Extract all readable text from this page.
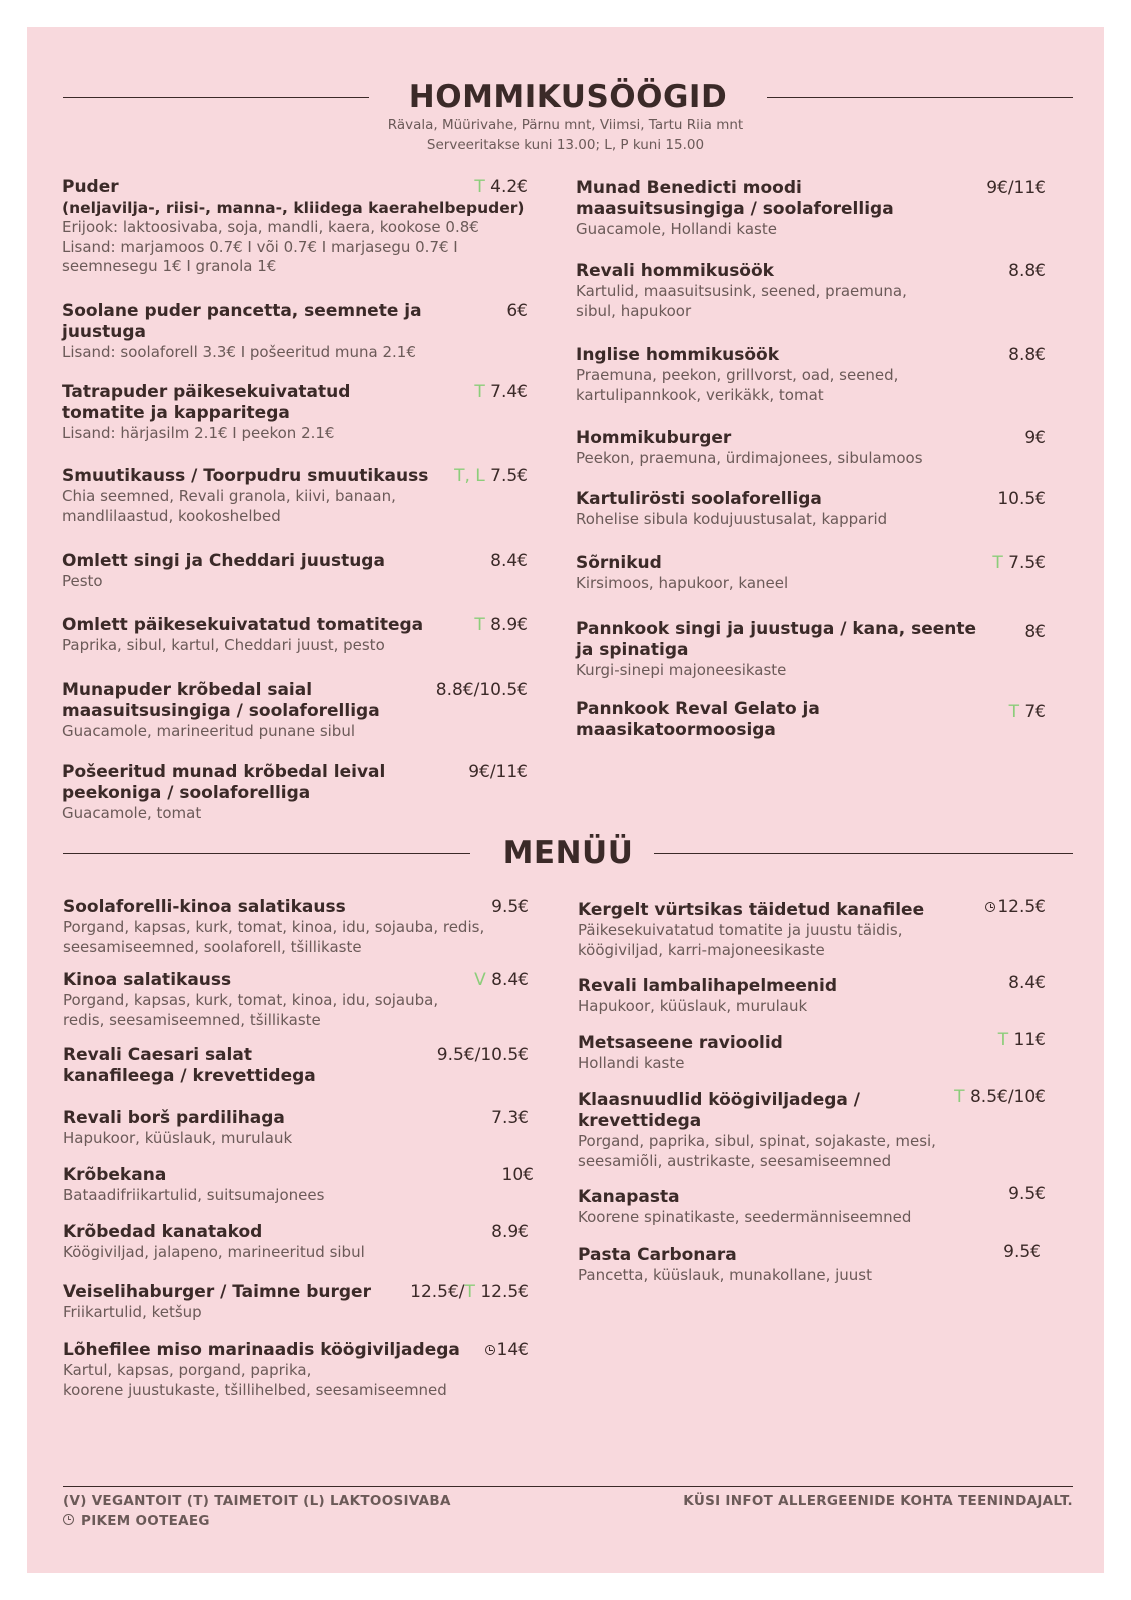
HOMMIKUSÖÖGID
Rävala, Müürivahe, Pärnu mnt, Viimsi, Tartu Riia mnt
Serveeritakse kuni 13.00; L, P kuni 15.00
T 4.2€
Puder
(neljavilja-, riisi-, manna-, kliidega kaerahelbepuder)
Erijook: laktoosivaba, soja, mandli, kaera, kookose 0.8€
Lisand: marjamoos 0.7€ I või 0.7€ I marjasegu 0.7€ I seemnesegu 1€ I granola 1€
6€
Soolane puder pancetta, seemnete ja juustuga
Lisand: soolaforell 3.3€ I pošeeritud muna 2.1€
T 7.4€
Tatrapuder päikesekuivatatud tomatite ja kapparitega
Lisand: härjasilm 2.1€ I peekon 2.1€
T, L 7.5€
Smuutikauss / Toorpudru smuutikauss
Chia seemned, Revali granola, kiivi, banaan, mandlilaastud, kookoshelbed
8.4€
Omlett singi ja Cheddari juustuga
Pesto
T 8.9€
Omlett päikesekuivatatud tomatitega
Paprika, sibul, kartul, Cheddari juust, pesto
8.8€/10.5€
Munapuder krõbedal saial maasuitsusingiga / soolaforelliga
Guacamole, marineeritud punane sibul
9€/11€
Pošeeritud munad krõbedal leival peekoniga / soolaforelliga
Guacamole, tomat
9€/11€
Munad Benedicti moodi maasuitsusingiga / soolaforelliga
Guacamole, Hollandi kaste
8.8€
Revali hommikusöök
Kartulid, maasuitsusink, seened, praemuna, sibul, hapukoor
8.8€
Inglise hommikusöök
Praemuna, peekon, grillvorst, oad, seened, kartulipannkook, verikäkk, tomat
9€
Hommikuburger
Peekon, praemuna, ürdimajonees, sibulamoos
10.5€
Kartulirösti soolaforelliga
Rohelise sibula kodujuustusalat, kapparid
T 7.5€
Sõrnikud
Kirsimoos, hapukoor, kaneel
8€
Pannkook singi ja juustuga / kana, seente ja spinatiga
Kurgi-sinepi majoneesikaste
T 7€
Pannkook Reval Gelato ja maasikatoormoosiga
MENÜÜ
9.5€
Soolaforelli-kinoa salatikauss
Porgand, kapsas, kurk, tomat, kinoa, idu, sojauba, redis, seesamiseemned, soolaforell, tšillikaste
V 8.4€
Kinoa salatikauss
Porgand, kapsas, kurk, tomat, kinoa, idu, sojauba, redis, seesamiseemned, tšillikaste
9.5€/10.5€
Revali Caesari salat kanafileega / krevettidega
7.3€
Revali borš pardilihaga
Hapukoor, küüslauk, murulauk
10€
Krõbekana
Bataadifriikartulid, suitsumajonees
8.9€
Krõbedad kanatakod
Köögiviljad, jalapeno, marineeritud sibul
12.5€/T 12.5€
Veiselihaburger / Taimne burger
Friikartulid, ketšup
14€
Lõhefilee miso marinaadis köögiviljadega
Kartul, kapsas, porgand, paprika,
koorene juustukaste, tšillihelbed, seesamiseemned
12.5€
Kergelt vürtsikas täidetud kanafilee
Päikesekuivatatud tomatite ja juustu täidis, köögiviljad, karri-majoneesikaste
8.4€
Revali lambalihapelmeenid
Hapukoor, küüslauk, murulauk
T 11€
Metsaseene ravioolid
Hollandi kaste
T 8.5€/10€
Klaasnuudlid köögiviljadega / krevettidega
Porgand, paprika, sibul, spinat, sojakaste, mesi, seesamiõli, austrikaste, seesamiseemned
9.5€
Kanapasta
Koorene spinatikaste, seedermänniseemned
9.5€
Pasta Carbonara
Pancetta, küüslauk, munakollane, juust
(V) VEGANTOIT (T) TAIMETOIT (L) LAKTOOSIVABA
PIKEM OOTEAEG
KÜSI INFOT ALLERGEENIDE KOHTA TEENINDAJALT.
